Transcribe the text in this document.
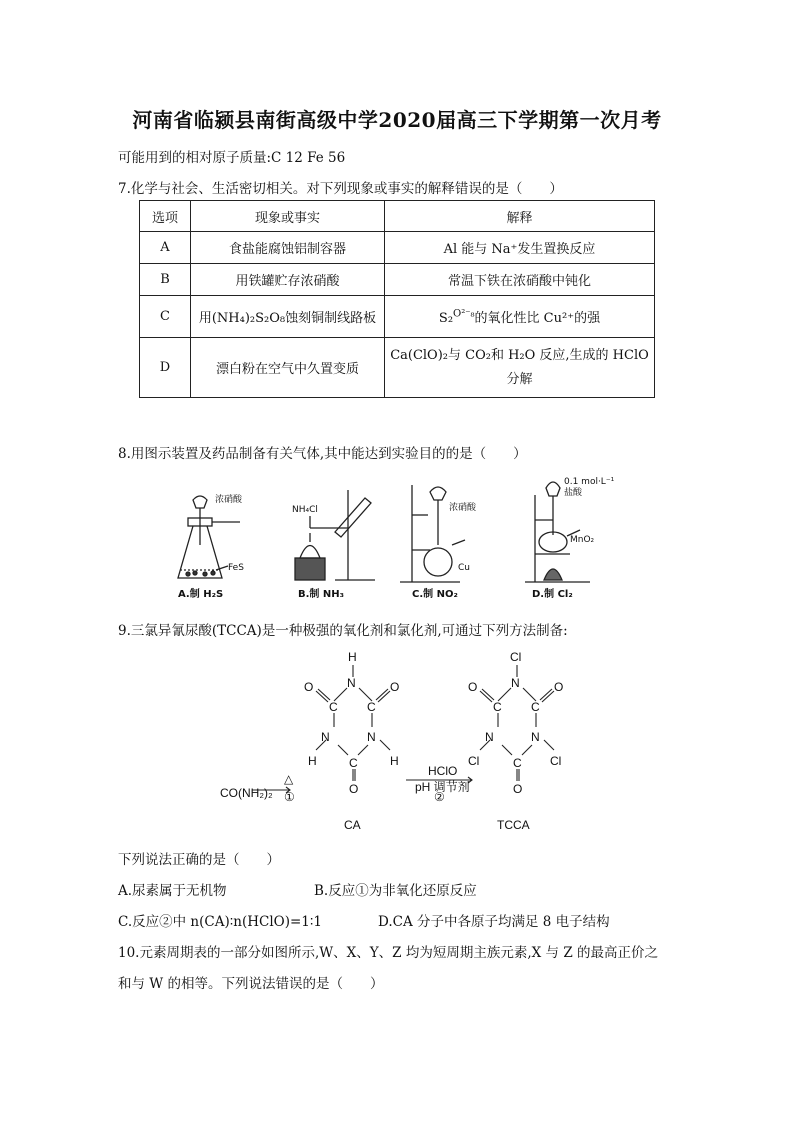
河南省临颍县南街高级中学2020届高三下学期第一次月考
可能用到的相对原子质量:C 12 Fe 56
7.化学与社会、生活密切相关。对下列现象或事实的解释错误的是（　　）
选项	现象或事实	解释
A	食盐能腐蚀铝制容器	Al 能与 Na⁺发生置换反应
B	用铁罐贮存浓硝酸	常温下铁在浓硝酸中钝化
C	用(NH₄)₂S₂O₈蚀刻铜制线路板	S₂$^{O^{2-}_8}$的氧化性比 Cu²⁺的强
D	漂白粉在空气中久置变质	Ca(ClO)₂与 CO₂和 H₂O 反应,生成的 HClO 分解
8.用图示装置及药品制备有关气体,其中能达到实验目的的是（　　）
浓硝酸
FeS
NH₄Cl	浓硝酸
Cu
0.1 mol·L⁻¹
盐酸
MnO₂
A.制 H₂S	B.制 NH₃	C.制 NO₂	D.制 Cl₂
9.三氯异氰尿酸(TCCA)是一种极强的氧化剂和氯化剂,可通过下列方法制备:
H
N
O	O
C C
N	N
H	H
C
O
Cl
N
O	O
C C
N	N
Cl	Cl
C
O
CO(NH₂)₂
△
①
HClO
pH 调节剂
②
CA	TCCA
下列说法正确的是（　　）
A.尿素属于无机物	B.反应①为非氧化还原反应
C.反应②中 n(CA)∶n(HClO)=1∶1	D.CA 分子中各原子均满足 8 电子结构
10.元素周期表的一部分如图所示,W、X、Y、Z 均为短周期主族元素,X 与 Z 的最高正价之
和与 W 的相等。下列说法错误的是（　　）
